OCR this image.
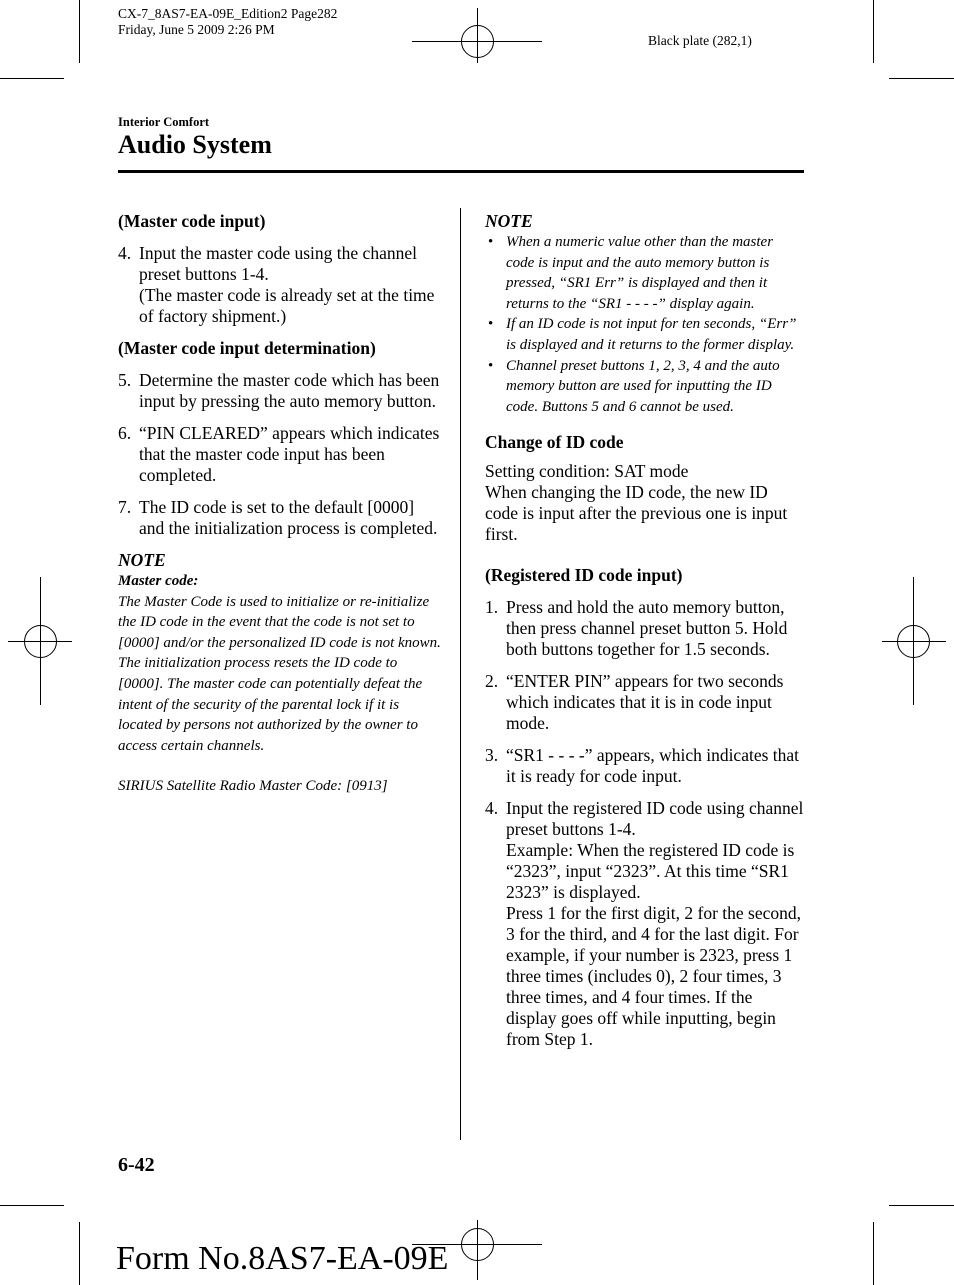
CX-7_8AS7-EA-09E_Edition2 Page282
Friday, June 5 2009 2:26 PM
Black plate (282,1)
Interior Comfort
Audio System

(Master code input)

4. Input the master code using the channel preset buttons 1-4.

(The master code is already set at the time of factory shipment.)

(Master code input determination)

5. Determine the master code which has been input by pressing the auto memory button.

6. “PIN CLEARED” appears which indicates that the master code input has been completed.

7. The ID code is set to the default [0000] and the initialization process is completed.

NOTE

Master code:

The Master Code is used to initialize or re-initialize the ID code in the event that the code is not set to [0000] and/or the personalized ID code is not known. The initialization process resets the ID code to [0000]. The master code can potentially defeat the intent of the security of the parental lock if it is located by persons not authorized by the owner to access certain channels.

SIRIUS Satellite Radio Master Code: [0913]

NOTE

• When a numeric value other than the master code is input and the auto memory button is pressed, “SR1 Err” is displayed and then it returns to the “SR1 - - - -” display again.

• If an ID code is not input for ten seconds, “Err” is displayed and it returns to the former display.

• Channel preset buttons 1, 2, 3, 4 and the auto memory button are used for inputting the ID code. Buttons 5 and 6 cannot be used.

Change of ID code

Setting condition: SAT mode

When changing the ID code, the new ID code is input after the previous one is input first.

(Registered ID code input)

1. Press and hold the auto memory button, then press channel preset button 5. Hold both buttons together for 1.5 seconds.

2. “ENTER PIN” appears for two seconds which indicates that it is in code input mode.

3. “SR1 - - - -” appears, which indicates that it is ready for code input.

4. Input the registered ID code using channel preset buttons 1-4.

Example: When the registered ID code is “2323”, input “2323”. At this time “SR1 2323” is displayed.

Press 1 for the first digit, 2 for the second, 3 for the third, and 4 for the last digit. For example, if your number is 2323, press 1 three times (includes 0), 2 four times, 3 three times, and 4 four times. If the display goes off while inputting, begin from Step 1.

6-42
Form No.8AS7-EA-09E
